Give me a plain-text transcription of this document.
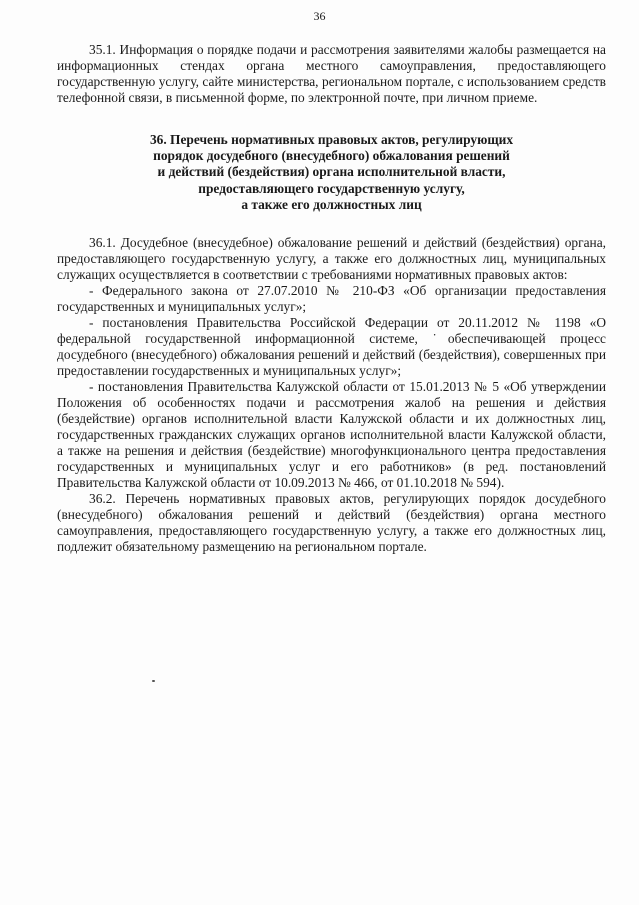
36

35.1. Информация о порядке подачи и рассмотрения заявителями жалобы размещается на информационных стендах органа местного самоуправления, предоставляющего государственную услугу, сайте министерства, региональном портале, с использованием средств телефонной связи, в письменной форме, по электронной почте, при личном приеме.

36. Перечень нормативных правовых актов, регулирующих
порядок досудебного (внесудебного) обжалования решений
и действий (бездействия) органа исполнительной власти,
предоставляющего государственную услугу,
а также его должностных лиц

36.1. Досудебное (внесудебное) обжалование решений и действий (бездействия) органа, предоставляющего государственную услугу, а также его должностных лиц, муниципальных служащих осуществляется в соответствии с требованиями нормативных правовых актов:

- Федерального закона от 27.07.2010 № 210-ФЗ «Об организации предоставления государственных и муниципальных услуг»;

- постановления Правительства Российской Федерации от 20.11.2012 № 1198 «О федеральной государственной информационной системе, ˙обеспечивающей процесс досудебного (внесудебного) обжалования решений и действий (бездействия), совершенных при предоставлении государственных и муниципальных услуг»;

- постановления Правительства Калужской области от 15.01.2013 № 5 «Об утверждении Положения об особенностях подачи и рассмотрения жалоб на решения и действия (бездействие) органов исполнительной власти Калужской области и их должностных лиц, государственных гражданских служащих органов исполнительной власти Калужской области, а также на решения и действия (бездействие) многофункционального центра предоставления государственных и муниципальных услуг и его работников» (в ред. постановлений Правительства Калужской области от 10.09.2013 № 466, от 01.10.2018 № 594).

36.2. Перечень нормативных правовых актов, регулирующих порядок досудебного (внесудебного) обжалования решений и действий (бездействия) органа местного самоуправления, предоставляющего государственную услугу, а также его должностных лиц, подлежит обязательному размещению на региональном портале.
